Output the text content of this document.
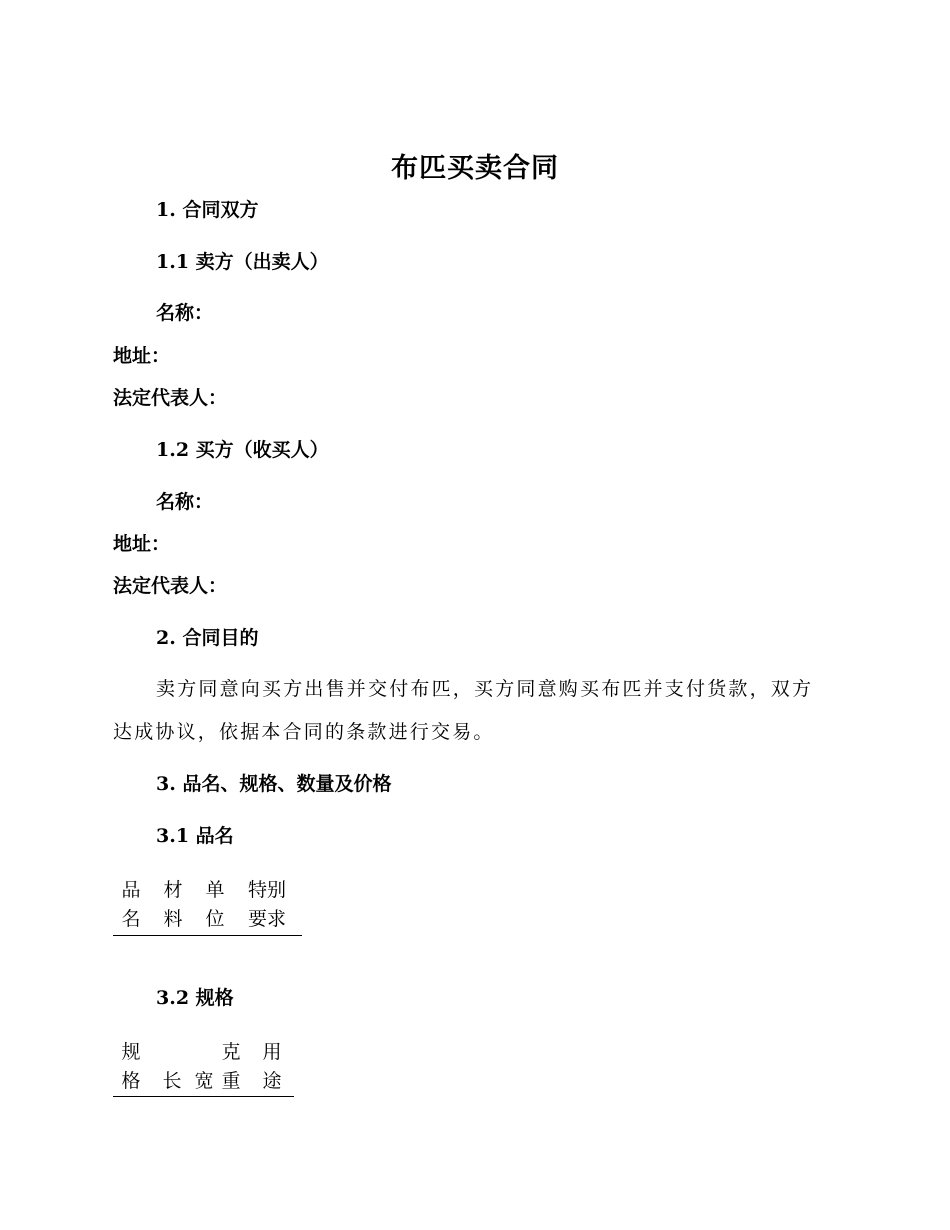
布匹买卖合同
1. 合同双方
1.1 卖方（出卖人）
名称：
地址：
法定代表人：
1.2 买方（收买人）
名称：
地址：
法定代表人：
2. 合同目的
卖方同意向买方出售并交付布匹，买方同意购买布匹并支付货款，双方达成协议，依据本合同的条款进行交易。
3. 品名、规格、数量及价格
3.1 品名
品
名
材
料
单
位
特别
要求
3.2 规格
规
格 长 宽
克
重
用
途
